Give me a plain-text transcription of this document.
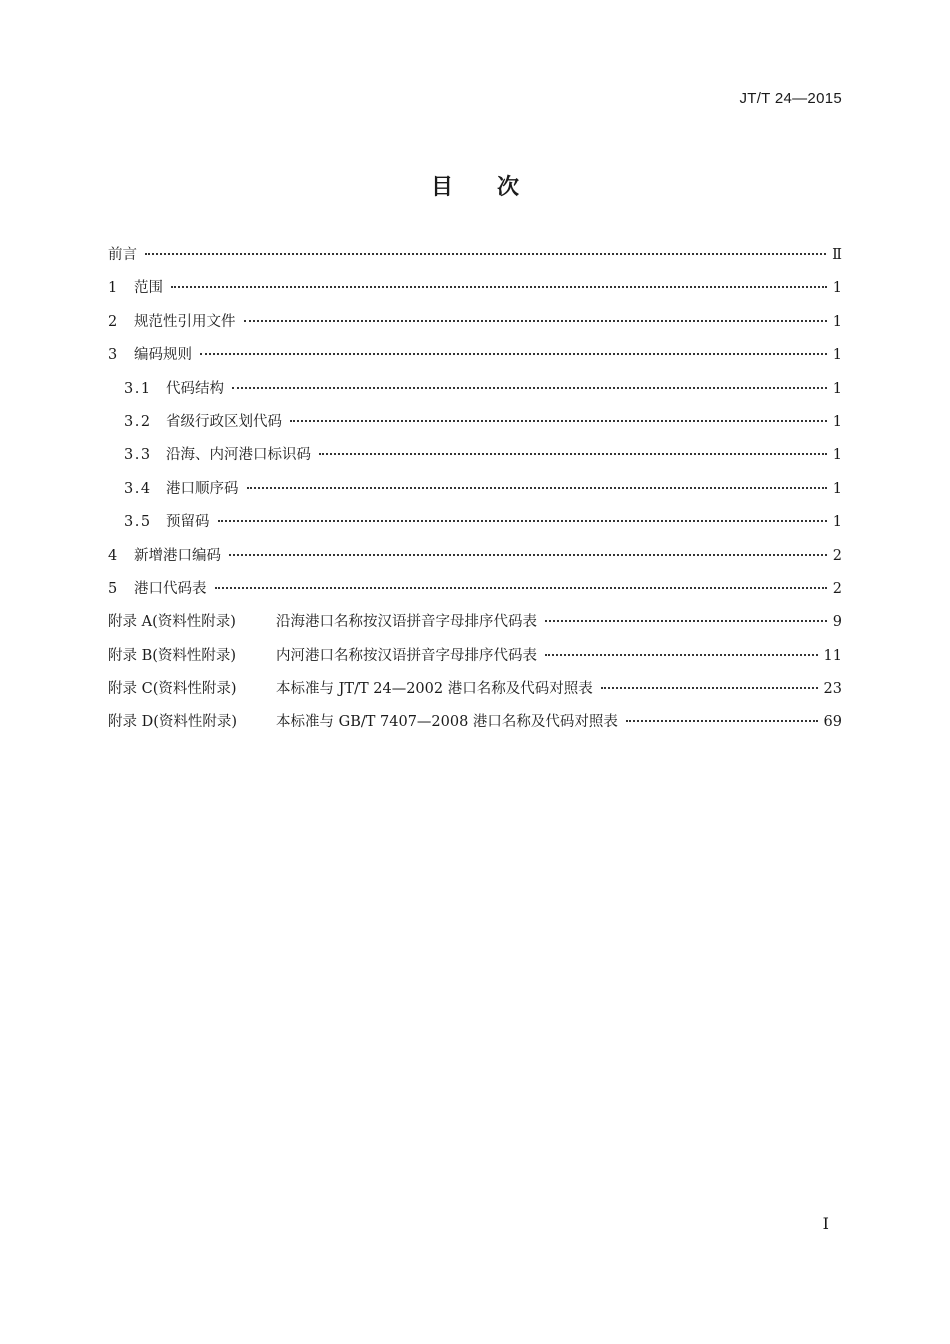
JT/T 24—2015
目　　次
前言	Ⅱ
1	范围	1
2	规范性引用文件	1
3	编码规则	1
3.1 代码结构	1
3.2 省级行政区划代码	1
3.3 沿海、内河港口标识码	1
3.4 港口顺序码	1
3.5 预留码	1
4	新增港口编码	2
5	港口代码表	2
附录 A(资料性附录)	沿海港口名称按汉语拼音字母排序代码表	9
附录 B(资料性附录)	内河港口名称按汉语拼音字母排序代码表	11
附录 C(资料性附录)	本标准与 JT/T 24—2002 港口名称及代码对照表	23
附录 D(资料性附录)	本标准与 GB/T 7407—2008 港口名称及代码对照表	69
I
